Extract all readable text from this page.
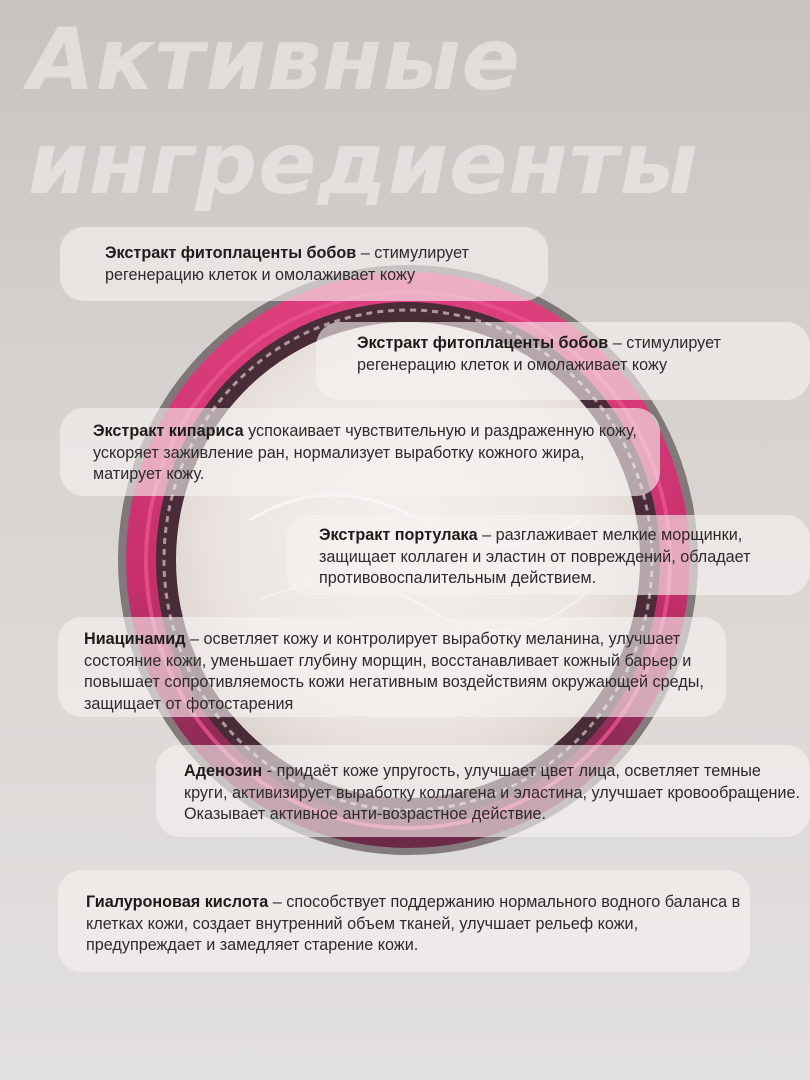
Активные
ингредиенты
Экстракт фитоплаценты бобов – стимулирует регенерацию клеток и омолаживает кожу
Экстракт фитоплаценты бобов – стимулирует регенерацию клеток и омолаживает кожу
Экстракт кипариса успокаивает чувствительную и раздраженную кожу, ускоряет заживление ран, нормализует выработку кожного жира, матирует кожу.
Экстракт портулака – разглаживает мелкие морщинки, защищает коллаген и эластин от повреждений, обладает противовоспалительным действием.
Ниацинамид – осветляет кожу и контролирует выработку меланина, улучшает состояние кожи, уменьшает глубину морщин, восстанавливает кожный барьер и повышает сопротивляемость кожи негативным воздействиям окружающей среды, защищает от фотостарения
Аденозин - придаёт коже упругость, улучшает цвет лица, осветляет темные круги, активизирует выработку коллагена и эластина, улучшает кровообращение. Оказывает активное анти-возрастное действие.
Гиалуроновая кислота – способствует поддержанию нормального водного баланса в клетках кожи, создает внутренний объем тканей, улучшает рельеф кожи, предупреждает и замедляет старение кожи.
